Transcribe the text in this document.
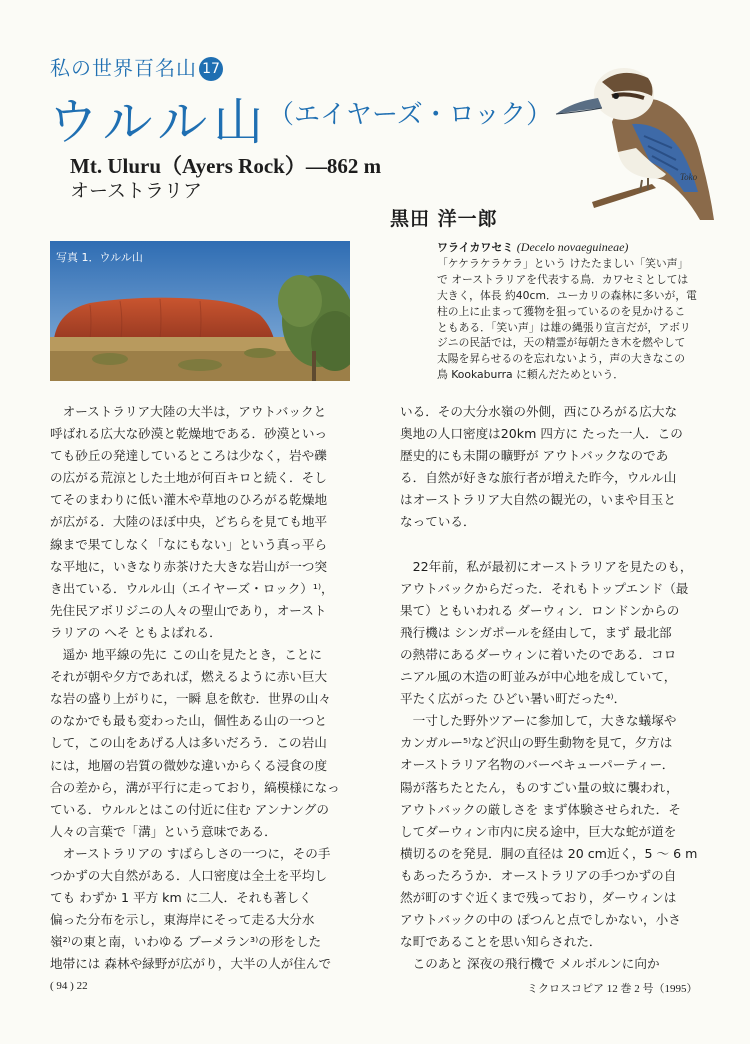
私の世界百名山 17
ウルル山
（エイヤーズ・ロック）
Mt. Uluru（Ayers Rock）—862 m
オーストラリア
黒田 洋一郎
写真 1．ウルル山
Toko
ワライカワセミ (Decelo novaeguineae)
「ケケラケラケラ」という けたたましい「笑い声」
で オーストラリアを代表する鳥．カワセミとしては
大きく，体長 約40cm．ユーカリの森林に多いが，電
柱の上に止まって獲物を狙っているのを見かけるこ
ともある．「笑い声」は雄の縄張り宣言だが，アボリ
ジニの民話では，天の精霊が毎朝たき木を燃やして
太陽を昇らせるのを忘れないよう，声の大きなこの
鳥 Kookaburra に頼んだためという．
　オーストラリア大陸の大半は，アウトバックと
呼ばれる広大な砂漠と乾燥地である．砂漠といっ
ても砂丘の発達しているところは少なく，岩や礫
の広がる荒涼とした土地が何百キロと続く．そし
てそのまわりに低い灌木や草地のひろがる乾燥地
が広がる．大陸のほぼ中央，どちらを見ても地平
線まで果てしなく「なにもない」という真っ平ら
な平地に，いきなり赤茶けた大きな岩山が一つ突
き出ている．ウルル山（エイヤーズ・ロック）¹⁾，
先住民アボリジニの人々の聖山であり，オースト
ラリアの へそ ともよばれる．
　遥か 地平線の先に この山を見たとき，ことに
それが朝や夕方であれば，燃えるように赤い巨大
な岩の盛り上がりに，一瞬 息を飲む．世界の山々
のなかでも最も変わった山，個性ある山の一つと
して，この山をあげる人は多いだろう．この岩山
には，地層の岩質の微妙な違いからくる浸食の度
合の差から，溝が平行に走っており，縞模様になっ
ている．ウルルとはこの付近に住む アンナングの
人々の言葉で「溝」という意味である．
　オーストラリアの すばらしさの一つに，その手
つかずの大自然がある．人口密度は全土を平均し
ても わずか 1 平方 km に二人．それも著しく
偏った分布を示し，東海岸にそって走る大分水
嶺²⁾の東と南，いわゆる ブーメラン³⁾の形をした
地帯には 森林や緑野が広がり，大半の人が住んで
いる．その大分水嶺の外側，西にひろがる広大な
奥地の人口密度は20km 四方に たった一人．この
歴史的にも未開の曠野が アウトバックなのであ
る．自然が好きな旅行者が増えた昨今，ウルル山
はオーストラリア大自然の観光の，いまや目玉と
なっている．
　22年前，私が最初にオーストラリアを見たのも，
アウトバックからだった．それもトップエンド（最
果て）ともいわれる ダーウィン．ロンドンからの
飛行機は シンガポールを経由して，まず 最北部
の熱帯にあるダーウィンに着いたのである．コロ
ニアル風の木造の町並みが中心地を成していて，
平たく広がった ひどい暑い町だった⁴⁾．
　一寸した野外ツアーに参加して，大きな蟻塚や
カンガルー⁵⁾など沢山の野生動物を見て，夕方は
オーストラリア名物のバーベキューパーティー．
陽が落ちたとたん，ものすごい量の蚊に襲われ，
アウトバックの厳しさを まず体験させられた．そ
してダーウィン市内に戻る途中，巨大な蛇が道を
横切るのを発見．胴の直径は 20 cm近く，5 ～ 6 m
もあったろうか．オーストラリアの手つかずの自
然が町のすぐ近くまで残っており，ダーウィンは
アウトバックの中の ぽつんと点でしかない，小さ
な町であることを思い知らされた．
　このあと 深夜の飛行機で メルボルンに向か
( 94 ) 22	ミクロスコピア 12 巻 2 号（1995）
